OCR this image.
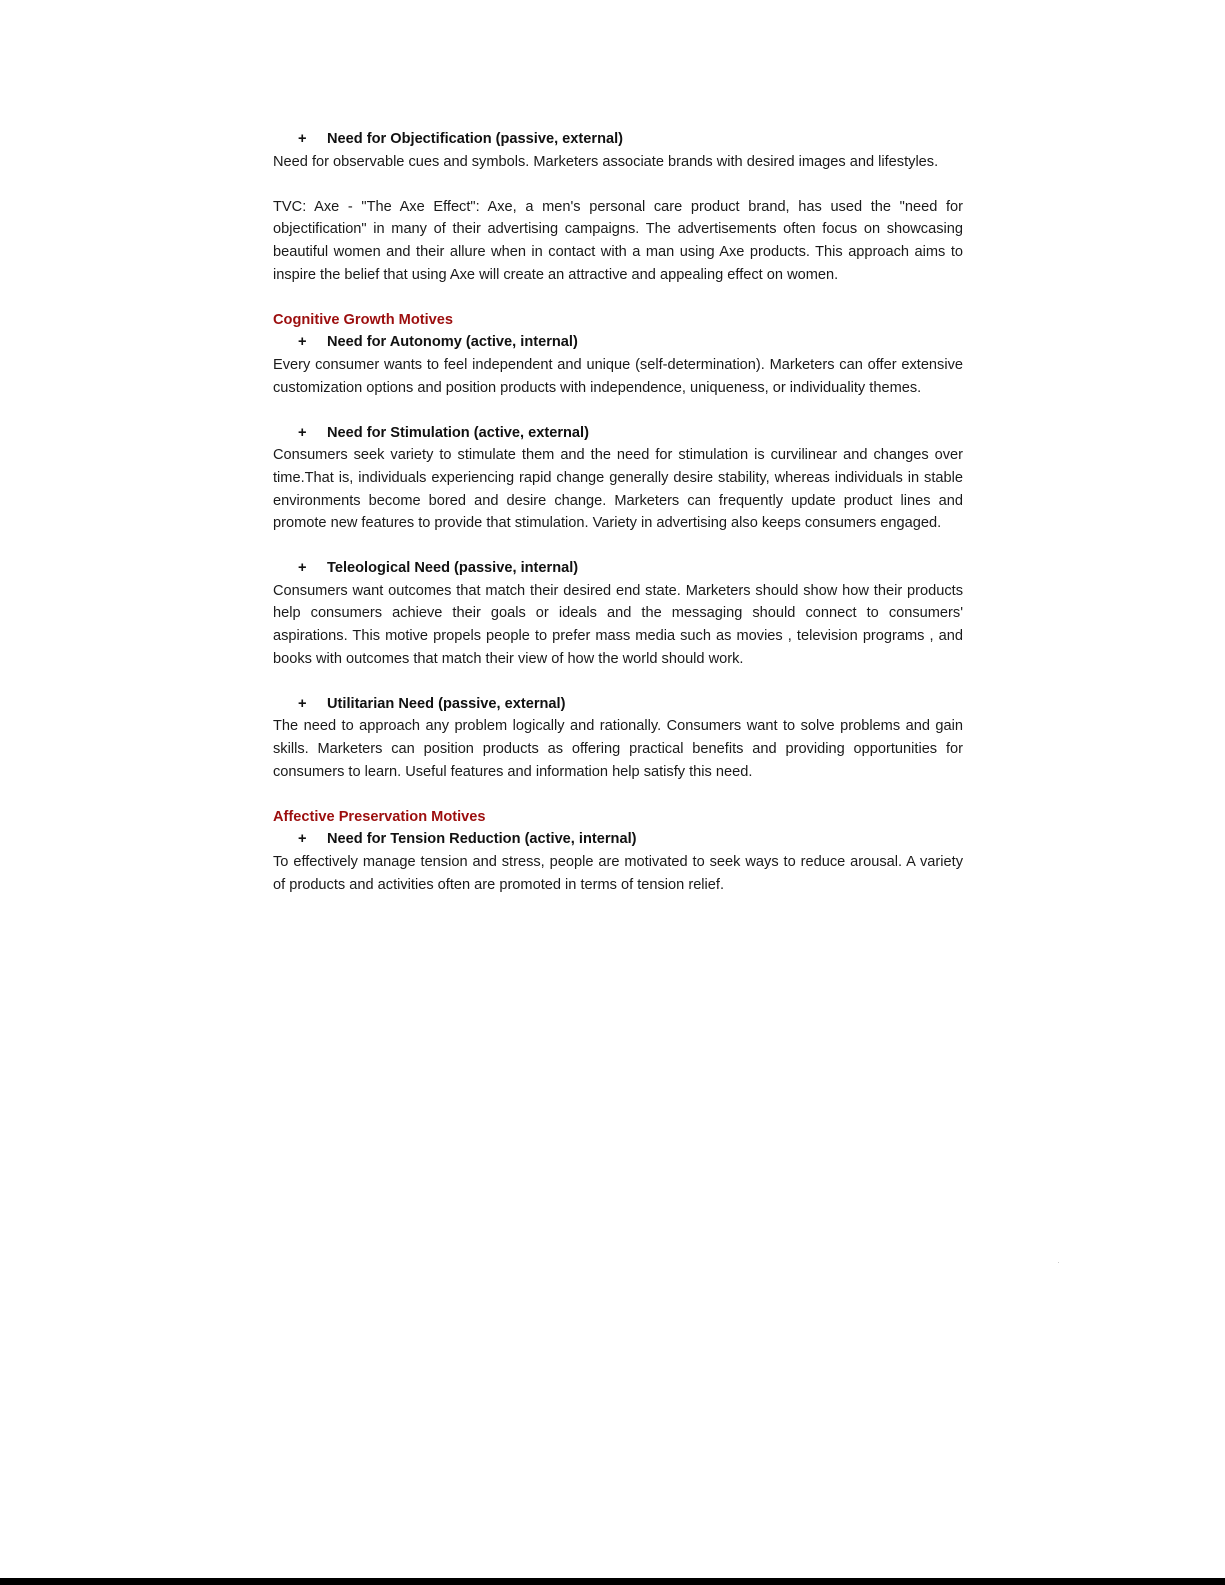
+ Need for Objectification (passive, external)

Need for observable cues and symbols. Marketers associate brands with desired images and lifestyles.

TVC: Axe - "The Axe Effect": Axe, a men's personal care product brand, has used the "need for objectification" in many of their advertising campaigns. The advertisements often focus on showcasing beautiful women and their allure when in contact with a man using Axe products. This approach aims to inspire the belief that using Axe will create an attractive and appealing effect on women.

Cognitive Growth Motives
+ Need for Autonomy (active, internal)

Every consumer wants to feel independent and unique (self-determination). Marketers can offer extensive customization options and position products with independence, uniqueness, or individuality themes.

+ Need for Stimulation (active, external)

Consumers seek variety to stimulate them and the need for stimulation is curvilinear and changes over time.That is, individuals experiencing rapid change generally desire stability, whereas individuals in stable environments become bored and desire change. Marketers can frequently update product lines and promote new features to provide that stimulation. Variety in advertising also keeps consumers engaged.

+ Teleological Need (passive, internal)

Consumers want outcomes that match their desired end state. Marketers should show how their products help consumers achieve their goals or ideals and the messaging should connect to consumers' aspirations. This motive propels people to prefer mass media such as movies , television programs , and books with outcomes that match their view of how the world should work.

+ Utilitarian Need (passive, external)

The need to approach any problem logically and rationally. Consumers want to solve problems and gain skills. Marketers can position products as offering practical benefits and providing opportunities for consumers to learn. Useful features and information help satisfy this need.

Affective Preservation Motives
+ Need for Tension Reduction (active, internal)

To effectively manage tension and stress, people are motivated to seek ways to reduce arousal. A variety of products and activities often are promoted in terms of tension relief.
